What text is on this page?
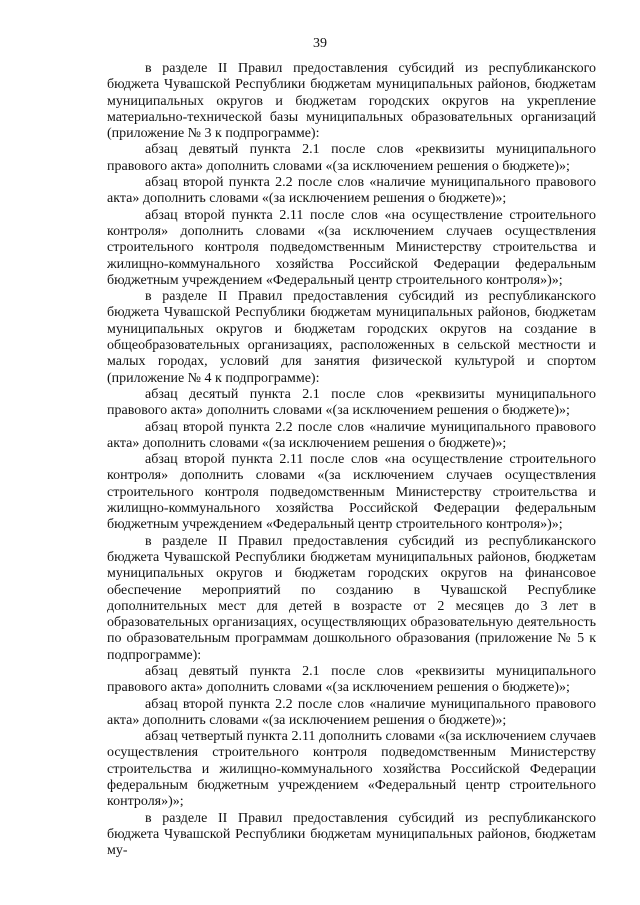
39

в разделе II Правил предоставления субсидий из республиканского бюджета Чувашской Республики бюджетам муниципальных районов, бюджетам муниципальных округов и бюджетам городских округов на укрепление материально-технической базы муниципальных образовательных организаций (приложение № 3 к подпрограмме):

абзац девятый пункта 2.1 после слов «реквизиты муниципального правового акта» дополнить словами «(за исключением решения о бюджете)»;

абзац второй пункта 2.2 после слов «наличие муниципального правового акта» дополнить словами «(за исключением решения о бюджете)»;

абзац второй пункта 2.11 после слов «на осуществление строительного контроля» дополнить словами «(за исключением случаев осуществления строительного контроля подведомственным Министерству строительства и жилищно-коммунального хозяйства Российской Федерации федеральным бюджетным учреждением «Федеральный центр строительного контроля»)»;

в разделе II Правил предоставления субсидий из республиканского бюджета Чувашской Республики бюджетам муниципальных районов, бюджетам муниципальных округов и бюджетам городских округов на создание в общеобразовательных организациях, расположенных в сельской местности и малых городах, условий для занятия физической культурой и спортом (приложение № 4 к подпрограмме):

абзац десятый пункта 2.1 после слов «реквизиты муниципального правового акта» дополнить словами «(за исключением решения о бюджете)»;

абзац второй пункта 2.2 после слов «наличие муниципального правового акта» дополнить словами «(за исключением решения о бюджете)»;

абзац второй пункта 2.11 после слов «на осуществление строительного контроля» дополнить словами «(за исключением случаев осуществления строительного контроля подведомственным Министерству строительства и жилищно-коммунального хозяйства Российской Федерации федеральным бюджетным учреждением «Федеральный центр строительного контроля»)»;

в разделе II Правил предоставления субсидий из республиканского бюджета Чувашской Республики бюджетам муниципальных районов, бюджетам муниципальных округов и бюджетам городских округов на финансовое обеспечение мероприятий по созданию в Чувашской Республике дополнительных мест для детей в возрасте от 2 месяцев до 3 лет в образовательных организациях, осуществляющих образовательную деятельность по образовательным программам дошкольного образования (приложение № 5 к подпрограмме):

абзац девятый пункта 2.1 после слов «реквизиты муниципального правового акта» дополнить словами «(за исключением решения о бюджете)»;

абзац второй пункта 2.2 после слов «наличие муниципального правового акта» дополнить словами «(за исключением решения о бюджете)»;

абзац четвертый пункта 2.11 дополнить словами «(за исключением случаев осуществления строительного контроля подведомственным Министерству строительства и жилищно-коммунального хозяйства Российской Федерации федеральным бюджетным учреждением «Федеральный центр строительного контроля»)»;

в разделе II Правил предоставления субсидий из республиканского бюджета Чувашской Республики бюджетам муниципальных районов, бюджетам му-
